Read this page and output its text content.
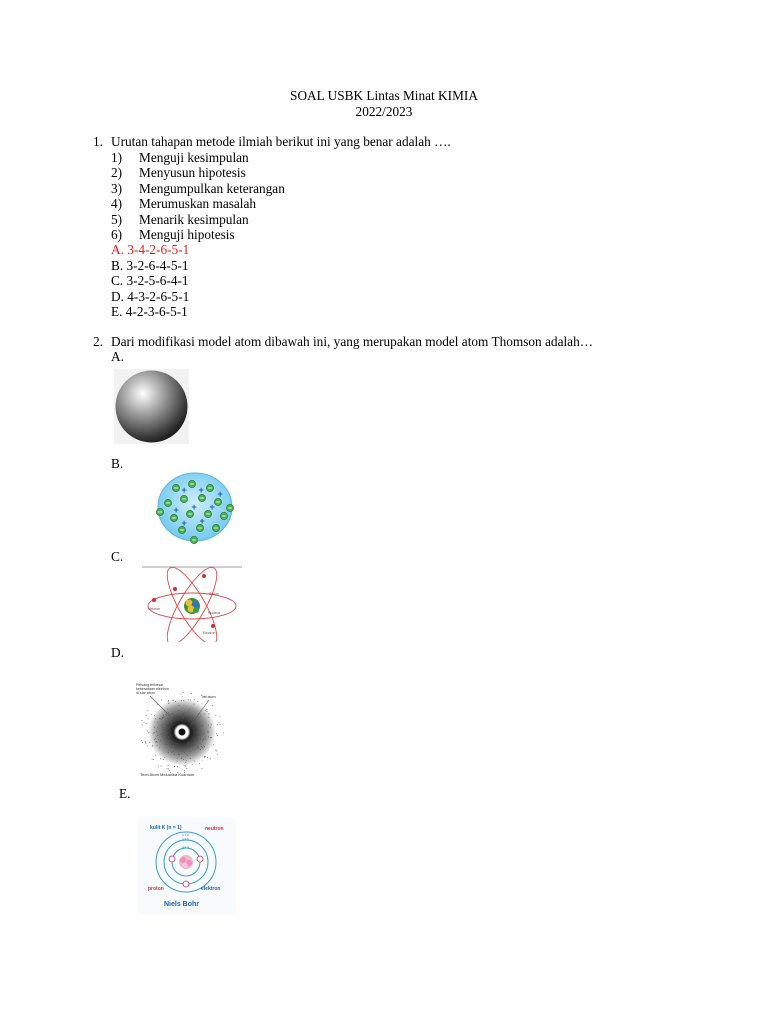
SOAL USBK Lintas Minat KIMIA
2022/2023
1. Urutan tahapan metode ilmiah berikut ini yang benar adalah ….
1)	Menguji kesimpulan
2)	Menyusun hipotesis
3)	Mengumpulkan keterangan
4)	Merumuskan masalah
5)	Menarik kesimpulan
6)	Menguji hipotesis
A. 3-4-2-6-5-1
B. 3-2-6-4-5-1
C. 3-2-5-6-4-1
D. 4-3-2-6-5-1
E. 4-2-3-6-5-1
2. Dari modifikasi model atom dibawah ini, yang merupakan model atom Thomson adalah…
A.
B.
C.
D.
E.
+ +
+ + +
+ +
+
Neutron
Proton
Nucleus
Electron
Peluang terbesar
keberadaan elektron
di luar atom
inti atom
Teori Atom Mekanika Kuantum
kulit K (n = 1)	neutron
n = 1
n = 2
n = 3
proton	elektron
Niels Bohr
